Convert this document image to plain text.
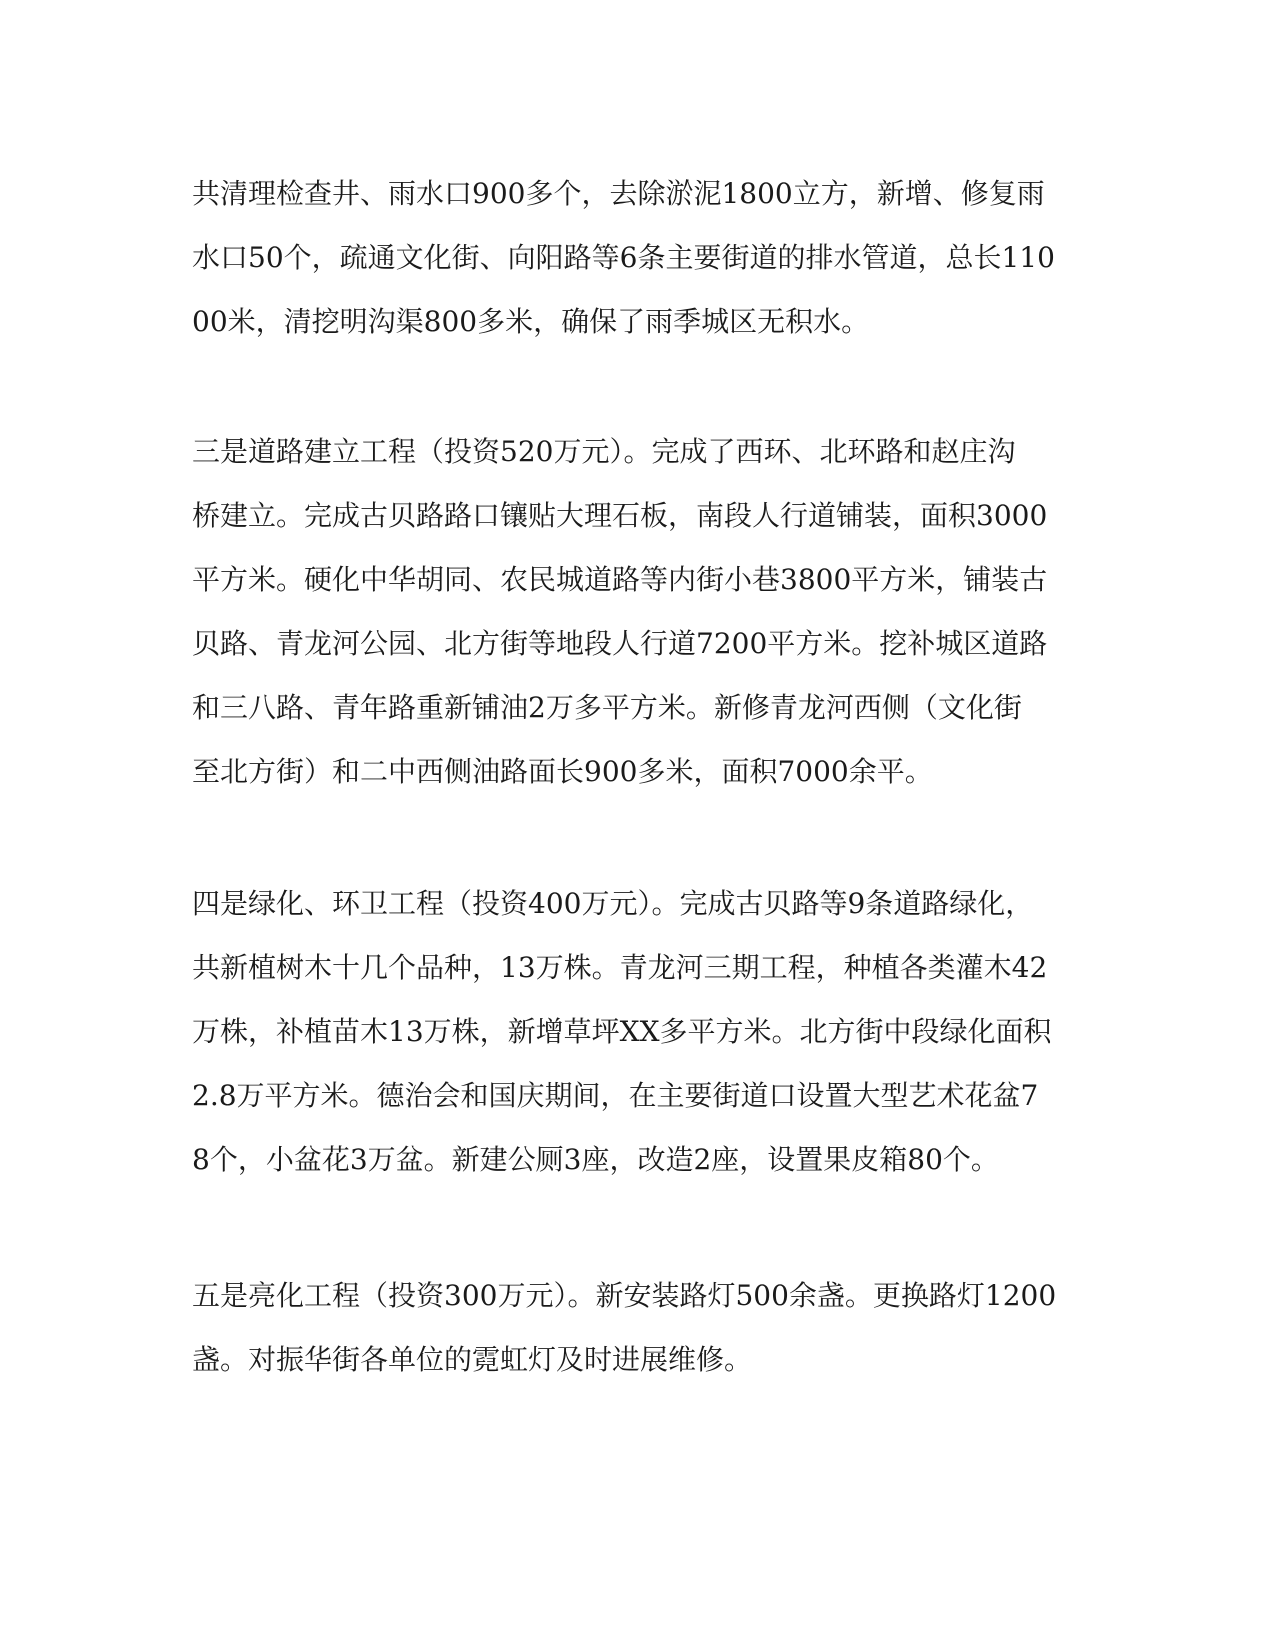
共清理检查井、雨水口900多个，去除淤泥1800立方，新增、修复雨
水口50个，疏通文化街、向阳路等6条主要街道的排水管道，总长110
00米，清挖明沟渠800多米，确保了雨季城区无积水。

三是道路建立工程（投资520万元）。完成了西环、北环路和赵庄沟
桥建立。完成古贝路路口镶贴大理石板，南段人行道铺装，面积3000
平方米。硬化中华胡同、农民城道路等内街小巷3800平方米，铺装古
贝路、青龙河公园、北方街等地段人行道7200平方米。挖补城区道路
和三八路、青年路重新铺油2万多平方米。新修青龙河西侧（文化街
至北方街）和二中西侧油路面长900多米，面积7000余平。

四是绿化、环卫工程（投资400万元）。完成古贝路等9条道路绿化，
共新植树木十几个品种，13万株。青龙河三期工程，种植各类灌木42
万株，补植苗木13万株，新增草坪XX多平方米。北方街中段绿化面积
2.8万平方米。德治会和国庆期间，在主要街道口设置大型艺术花盆7
8个，小盆花3万盆。新建公厕3座，改造2座，设置果皮箱80个。

五是亮化工程（投资300万元）。新安装路灯500余盏。更换路灯1200
盏。对振华街各单位的霓虹灯及时进展维修。
